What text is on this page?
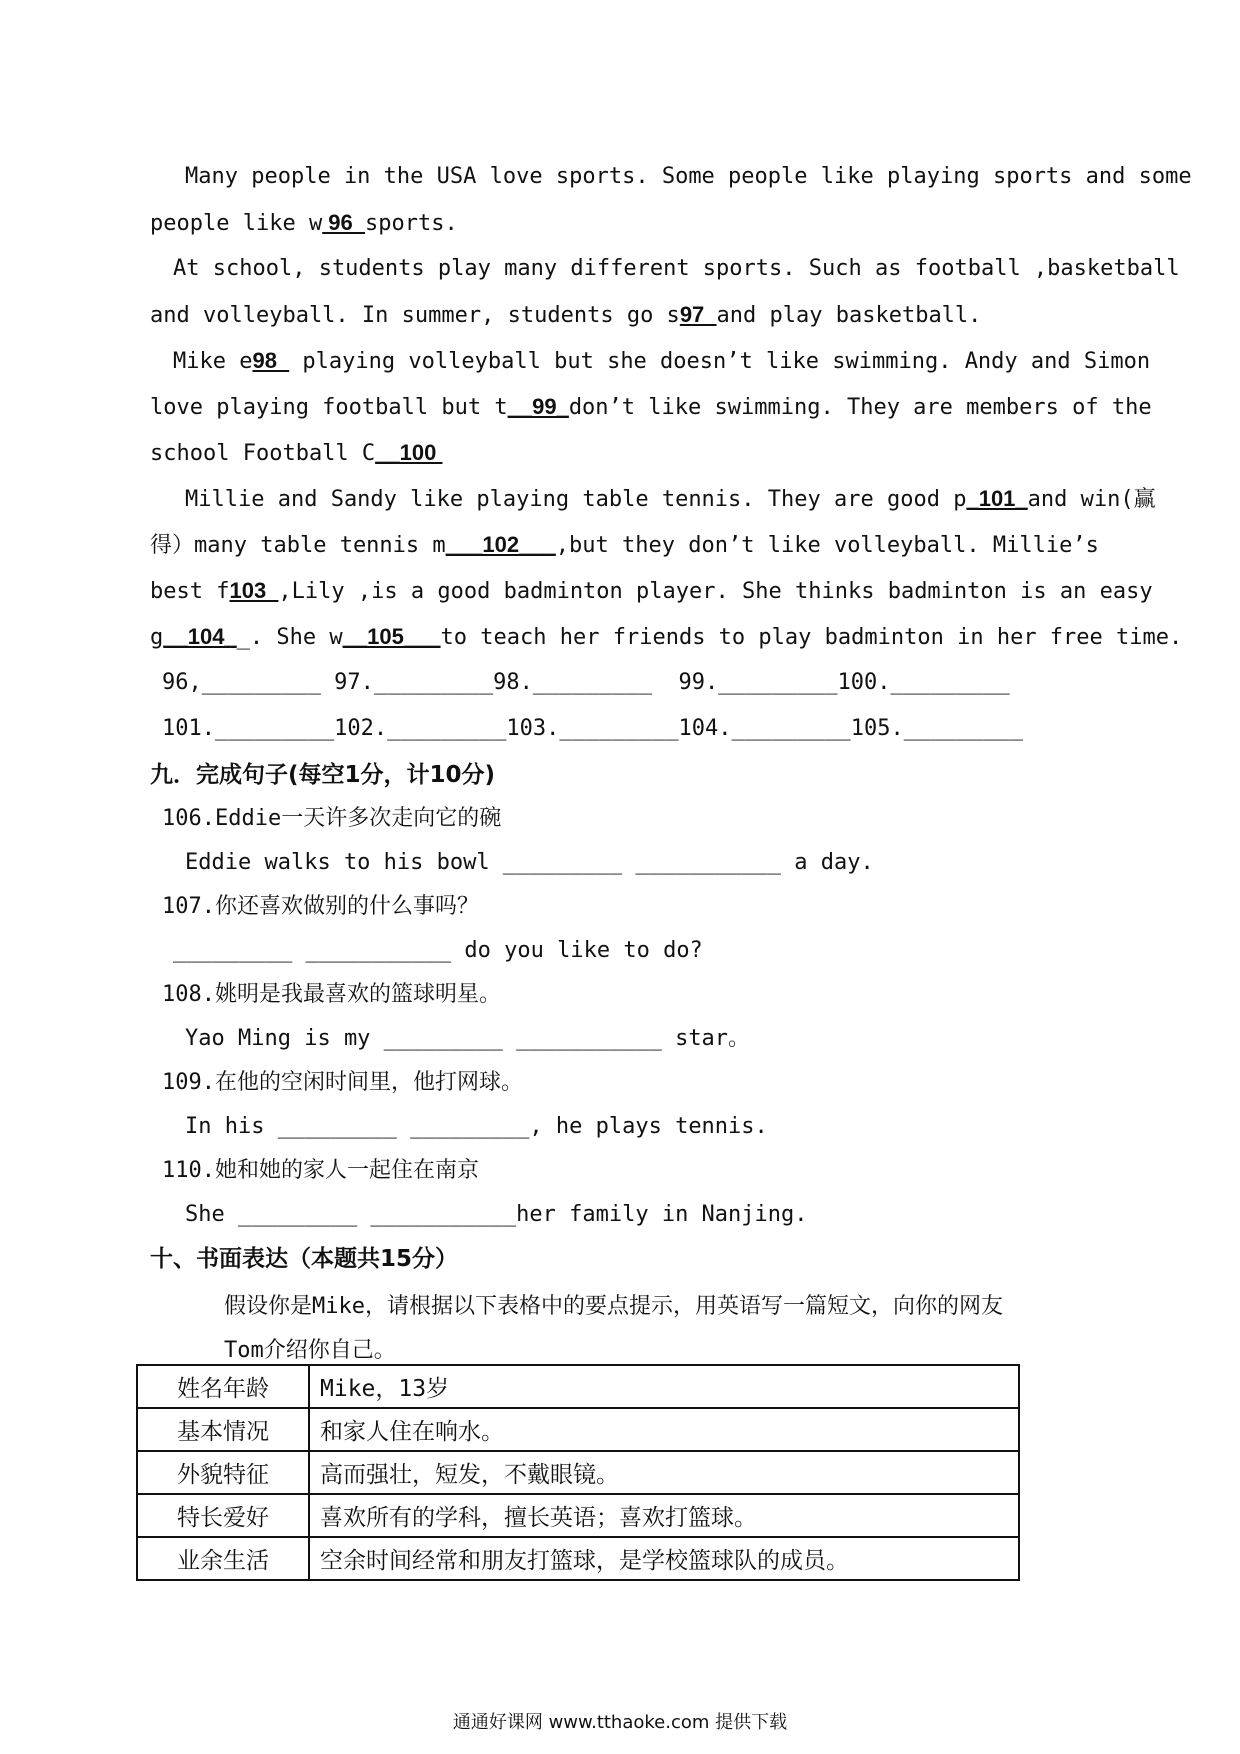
Many people in the USA love sports. Some people like playing sports and some
people like w 96  sports.
At school, students play many different sports. Such as football ,basketball
and volleyball. In summer, students go s97  and play basketball.
Mike e98   playing volleyball but she doesn’t like swimming. Andy and Simon
love playing football but t__99_don’t like swimming. They are members of the
school Football C__100
Millie and Sandy like playing table tennis. They are good p_101_and win(赢
得）many table tennis m___102___,but they don’t like volleyball. Millie’s
best f103  ,Lily ,is a good badminton player. She thinks badminton is an easy
g__104__. She w__105___to teach her friends to play badminton in her free time.
96,_________ 97._________98._________  99._________100._________
101._________102._________103._________104._________105._________
九．完成句子(每空1分，计10分)
106.Eddie一天许多次走向它的碗
Eddie walks to his bowl _________ ___________ a day.
107.你还喜欢做别的什么事吗？
_________ ___________ do you like to do?
108.姚明是我最喜欢的篮球明星。
Yao Ming is my _________ ___________ star。
109.在他的空闲时间里，他打网球。
In his _________ _________, he plays tennis.
110.她和她的家人一起住在南京
She _________ ___________her family in Nanjing.
十、书面表达（本题共15分）
假设你是Mike，请根据以下表格中的要点提示，用英语写一篇短文，向你的网友
Tom介绍你自己。
姓名年龄	Mike，13岁
基本情况	和家人住在响水。
外貌特征	高而强壮，短发，不戴眼镜。
特长爱好	喜欢所有的学科，擅长英语；喜欢打篮球。
业余生活	空余时间经常和朋友打篮球，是学校篮球队的成员。
通通好课网 www.tthaoke.com 提供下载
